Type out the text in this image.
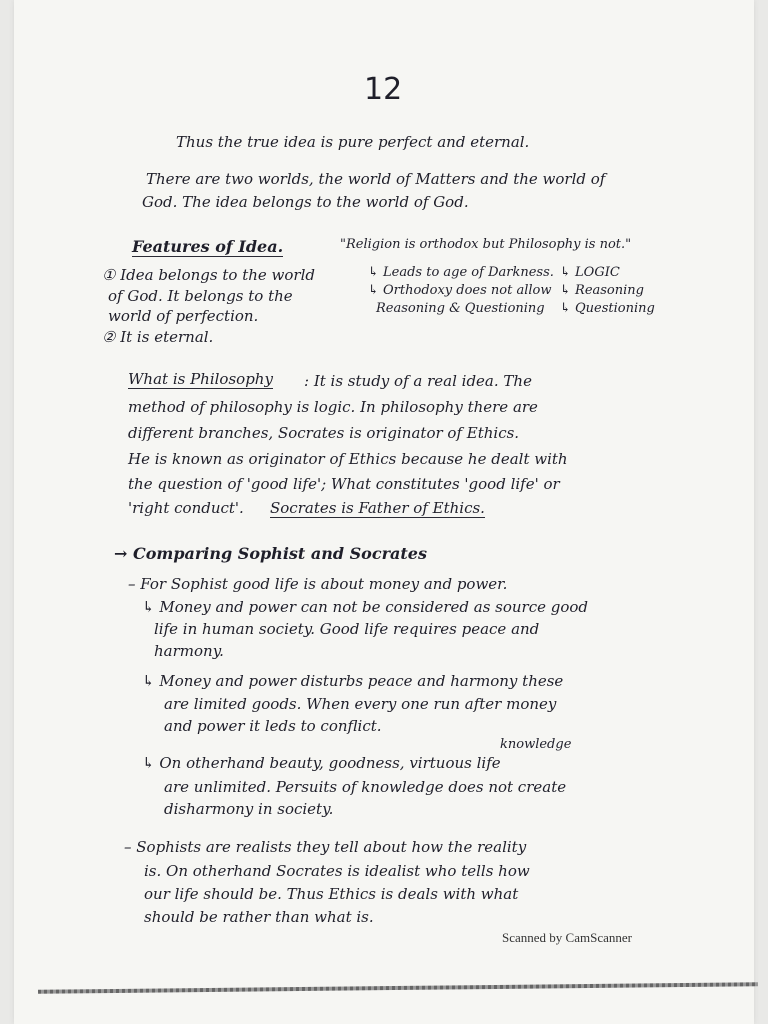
12
Thus the true idea is pure perfect and eternal.
There are two worlds, the world of Matters and the world of
God. The idea belongs to the world of God.
Features of Idea.
① Idea belongs to the world
of God. It belongs to the
world of perfection.
② It is eternal.
"Religion is orthodox but Philosophy is not."
↳ Leads to age of Darkness.
↳ Orthodoxy does not allow
Reasoning & Questioning
↳ LOGIC
↳ Reasoning
↳ Questioning
What is Philosophy : It is study of a real idea. The
method of philosophy is logic. In philosophy there are
different branches, Socrates is originator of Ethics.
He is known as originator of Ethics because he dealt with
the question of 'good life'; What constitutes 'good life' or
'right conduct'. Socrates is Father of Ethics.
→ Comparing Sophist and Socrates
– For Sophist good life is about money and power.
↳ Money and power can not be considered as source good
life in human society. Good life requires peace and
harmony.
↳ Money and power disturbs peace and harmony these
are limited goods. When every one run after money
and power it leds to conflict.
knowledge
↳ On otherhand beauty, goodness, virtuous life
are unlimited. Persuits of knowledge does not create
disharmony in society.
– Sophists are realists they tell about how the reality
is. On otherhand Socrates is idealist who tells how
our life should be. Thus Ethics is deals with what
should be rather than what is.
Scanned by CamScanner
